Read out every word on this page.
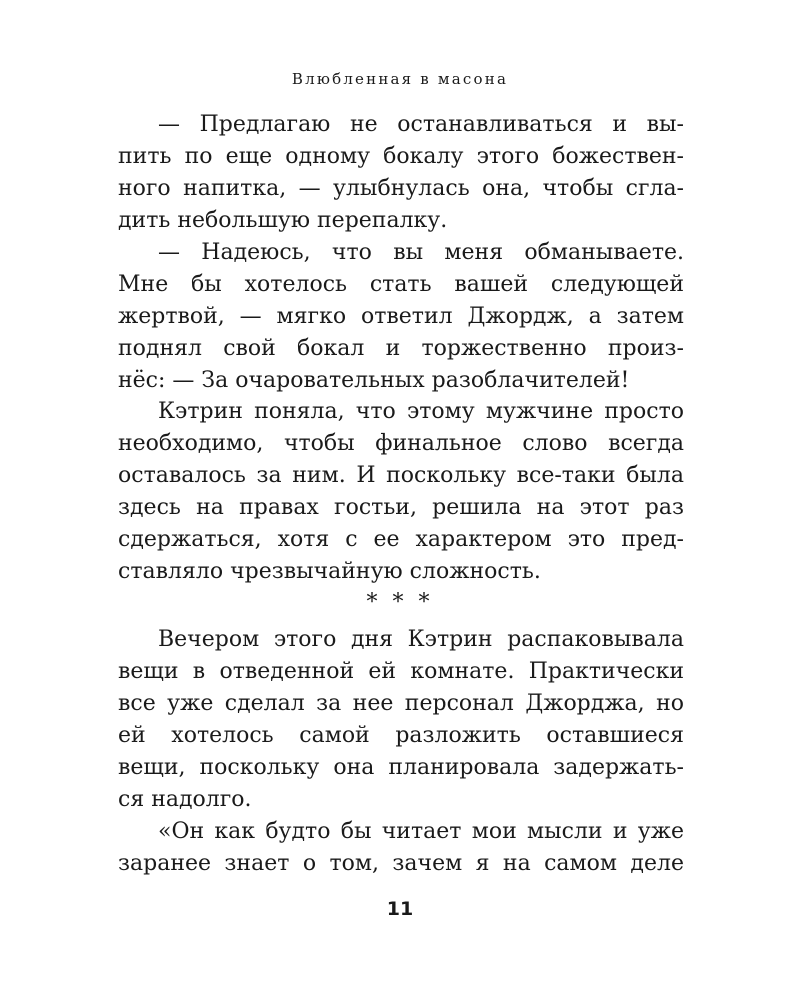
Влюбленная в масона
— Предлагаю не останавливаться и вы-
пить по еще одному бокалу этого божествен-
ного напитка, — улыбнулась она, чтобы сгла-
дить небольшую перепалку.
— Надеюсь, что вы меня обманываете.
Мне бы хотелось стать вашей следующей
жертвой, — мягко ответил Джордж, а затем
поднял свой бокал и торжественно произ-
нёс: — За очаровательных разоблачителей!
Кэтрин поняла, что этому мужчине просто
необходимо, чтобы финальное слово всегда
оставалось за ним. И поскольку все-таки была
здесь на правах гостьи, решила на этот раз
сдержаться, хотя с ее характером это пред-
ставляло чрезвычайную сложность.
* * *
Вечером этого дня Кэтрин распаковывала
вещи в отведенной ей комнате. Практически
все уже сделал за нее персонал Джорджа, но
ей хотелось самой разложить оставшиеся
вещи, поскольку она планировала задержать-
ся надолго.
«Он как будто бы читает мои мысли и уже
заранее знает о том, зачем я на самом деле
11
